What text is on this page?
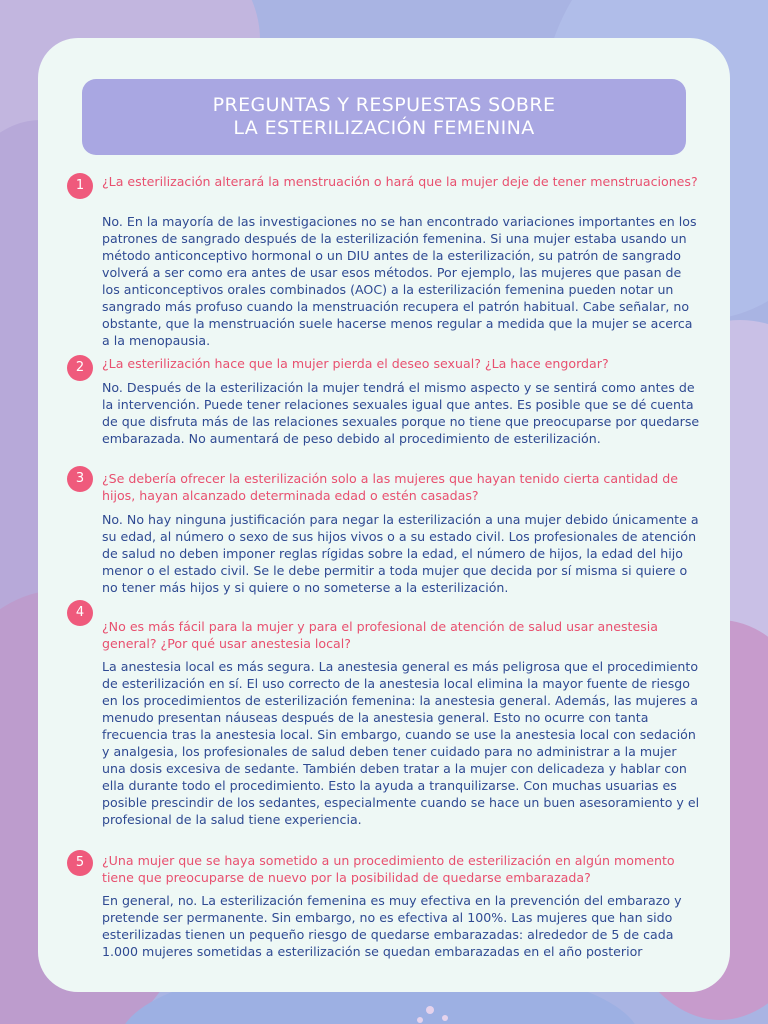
PREGUNTAS Y RESPUESTAS SOBRE
LA ESTERILIZACIÓN FEMENINA
1	¿La esterilización alterará la menstruación o hará que la mujer deje de tener menstruaciones?
No. En la mayoría de las investigaciones no se han encontrado variaciones importantes en los patrones de sangrado después de la esterilización femenina. Si una mujer estaba usando un método anticonceptivo hormonal o un DIU antes de la esterilización, su patrón de sangrado volverá a ser como era antes de usar esos métodos. Por ejemplo, las mujeres que pasan de los anticonceptivos orales combinados (AOC) a la esterilización femenina pueden notar un sangrado más profuso cuando la menstruación recupera el patrón habitual. Cabe señalar, no obstante, que la menstruación suele hacerse menos regular a medida que la mujer se acerca a la menopausia.
2	¿La esterilización hace que la mujer pierda el deseo sexual? ¿La hace engordar?
No. Después de la esterilización la mujer tendrá el mismo aspecto y se sentirá como antes de la intervención. Puede tener relaciones sexuales igual que antes. Es posible que se dé cuenta de que disfruta más de las relaciones sexuales porque no tiene que preocuparse por quedarse embarazada. No aumentará de peso debido al procedimiento de esterilización.
3	¿Se debería ofrecer la esterilización solo a las mujeres que hayan tenido cierta cantidad de hijos, hayan alcanzado determinada edad o estén casadas?
No. No hay ninguna justificación para negar la esterilización a una mujer debido únicamente a su edad, al número o sexo de sus hijos vivos o a su estado civil. Los profesionales de atención de salud no deben imponer reglas rígidas sobre la edad, el número de hijos, la edad del hijo menor o el estado civil. Se le debe permitir a toda mujer que decida por sí misma si quiere o no tener más hijos y si quiere o no someterse a la esterilización.
4
¿No es más fácil para la mujer y para el profesional de atención de salud usar anestesia general? ¿Por qué usar anestesia local?
La anestesia local es más segura. La anestesia general es más peligrosa que el procedimiento de esterilización en sí. El uso correcto de la anestesia local elimina la mayor fuente de riesgo en los procedimientos de esterilización femenina: la anestesia general. Además, las mujeres a menudo presentan náuseas después de la anestesia general. Esto no ocurre con tanta frecuencia tras la anestesia local. Sin embargo, cuando se use la anestesia local con sedación y analgesia, los profesionales de salud deben tener cuidado para no administrar a la mujer una dosis excesiva de sedante. También deben tratar a la mujer con delicadeza y hablar con ella durante todo el procedimiento. Esto la ayuda a tranquilizarse. Con muchas usuarias es posible prescindir de los sedantes, especialmente cuando se hace un buen asesoramiento y el profesional de la salud tiene experiencia.
5	¿Una mujer que se haya sometido a un procedimiento de esterilización en algún momento tiene que preocuparse de nuevo por la posibilidad de quedarse embarazada?
En general, no. La esterilización femenina es muy efectiva en la prevención del embarazo y pretende ser permanente. Sin embargo, no es efectiva al 100%. Las mujeres que han sido esterilizadas tienen un pequeño riesgo de quedarse embarazadas: alrededor de 5 de cada 1.000 mujeres sometidas a esterilización se quedan embarazadas en el año posterior
